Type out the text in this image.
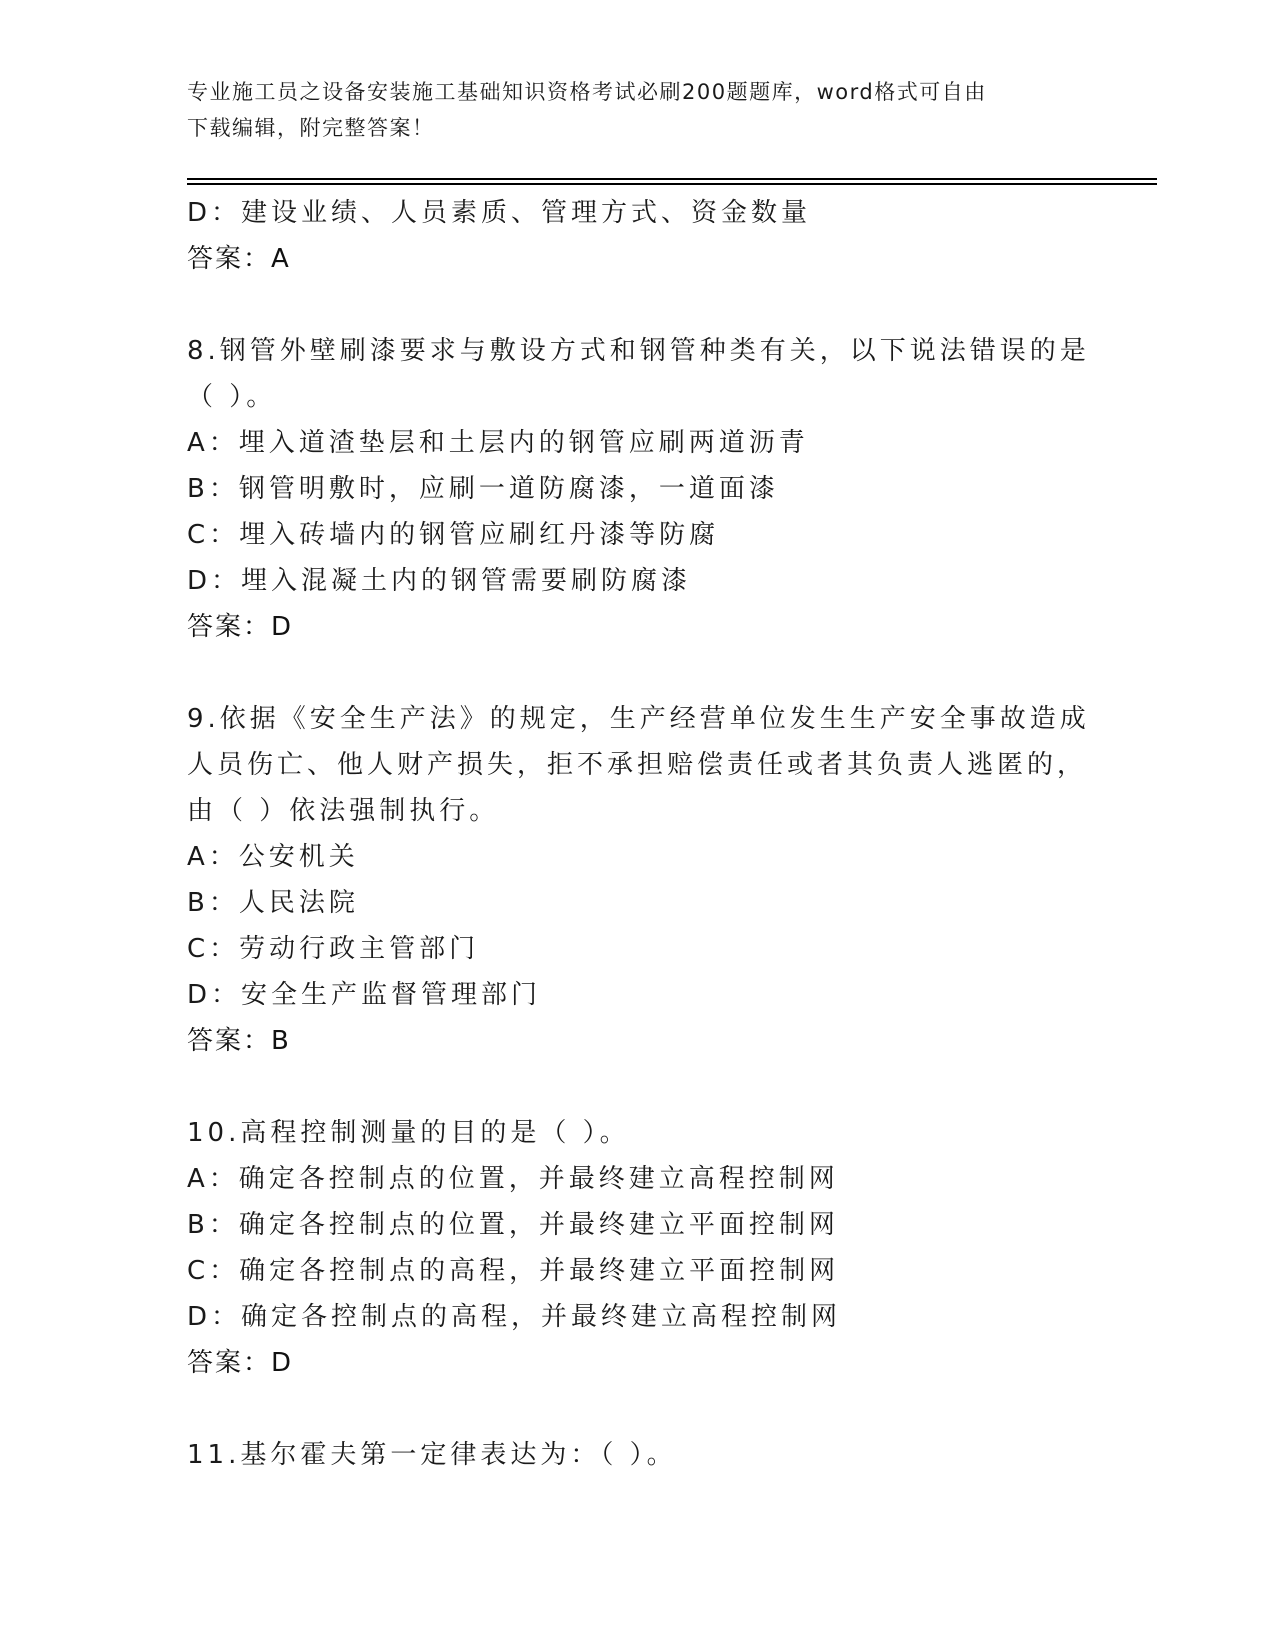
专业施工员之设备安装施工基础知识资格考试必刷200题题库，word格式可自由
下载编辑，附完整答案！
D：建设业绩、人员素质、管理方式、资金数量
答案：A
8.钢管外壁刷漆要求与敷设方式和钢管种类有关，以下说法错误的是
（ ）。
A：埋入道渣垫层和土层内的钢管应刷两道沥青
B：钢管明敷时，应刷一道防腐漆，一道面漆
C：埋入砖墙内的钢管应刷红丹漆等防腐
D：埋入混凝土内的钢管需要刷防腐漆
答案：D
9.依据《安全生产法》的规定，生产经营单位发生生产安全事故造成
人员伤亡、他人财产损失，拒不承担赔偿责任或者其负责人逃匿的，
由（ ）依法强制执行。
A：公安机关
B：人民法院
C：劳动行政主管部门
D：安全生产监督管理部门
答案：B
10.高程控制测量的目的是（ ）。
A：确定各控制点的位置，并最终建立高程控制网
B：确定各控制点的位置，并最终建立平面控制网
C：确定各控制点的高程，并最终建立平面控制网
D：确定各控制点的高程，并最终建立高程控制网
答案：D
11.基尔霍夫第一定律表达为：（ ）。
